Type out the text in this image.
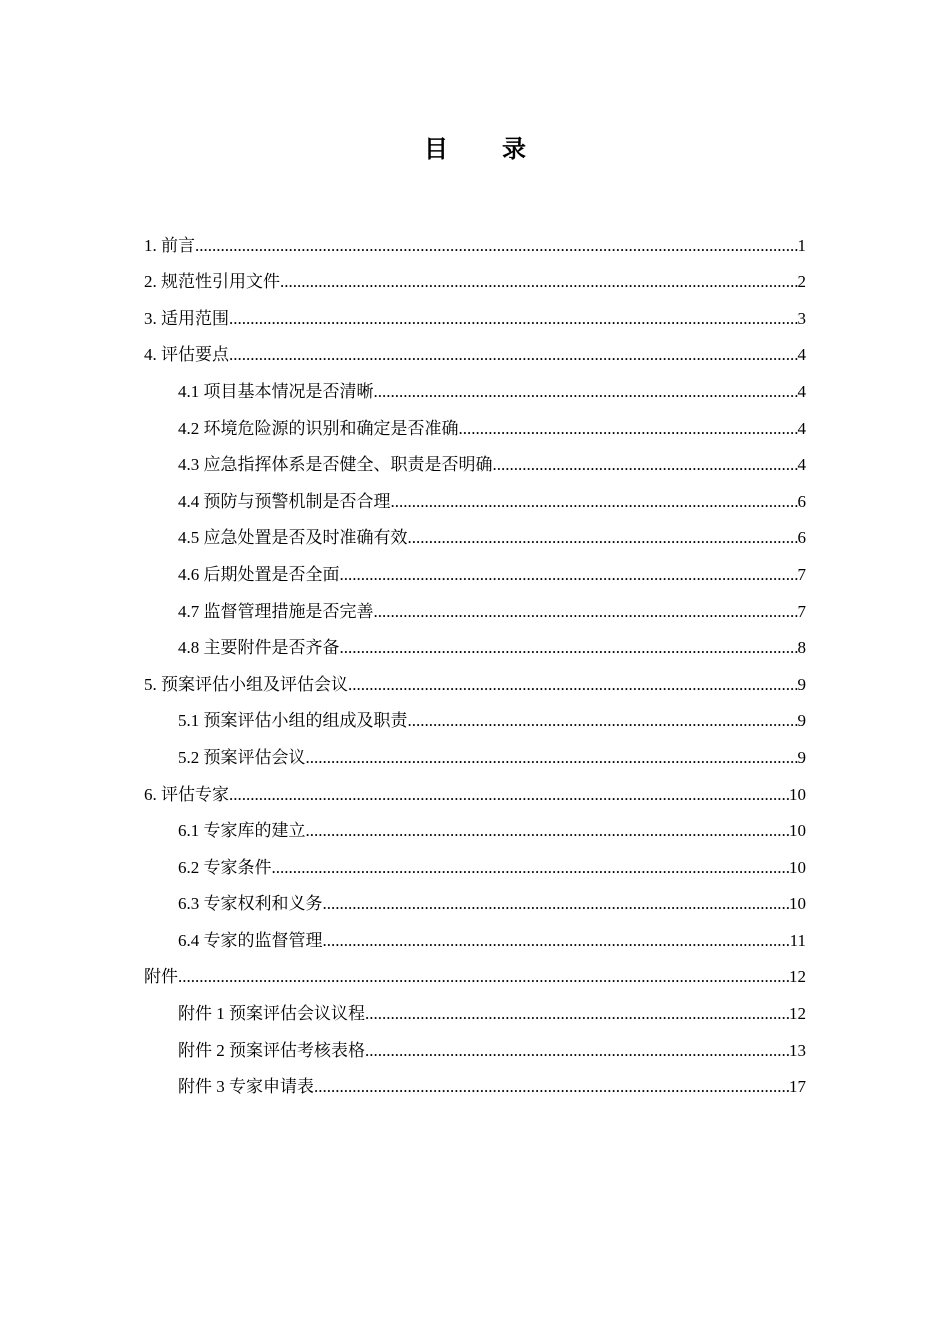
目 录
1. 前言 .....	1
2. 规范性引用文件 .....	2
3. 适用范围 .....	3
4. 评估要点 .....	4
4.1 项目基本情况是否清晰 .....	4
4.2 环境危险源的识别和确定是否准确 .....	4
4.3 应急指挥体系是否健全、职责是否明确 .....	4
4.4 预防与预警机制是否合理 .....	6
4.5 应急处置是否及时准确有效 .....	6
4.6 后期处置是否全面 .....	7
4.7 监督管理措施是否完善 .....	7
4.8 主要附件是否齐备 .....	8
5. 预案评估小组及评估会议 .....	9
5.1 预案评估小组的组成及职责 .....	9
5.2 预案评估会议 .....	9
6. 评估专家 .....	10
6.1 专家库的建立 .....	10
6.2 专家条件 .....	10
6.3 专家权利和义务 .....	10
6.4 专家的监督管理 .....	11
附件 .....	12
附件 1 预案评估会议议程 .....	12
附件 2 预案评估考核表格 .....	13
附件 3 专家申请表 .....	17
